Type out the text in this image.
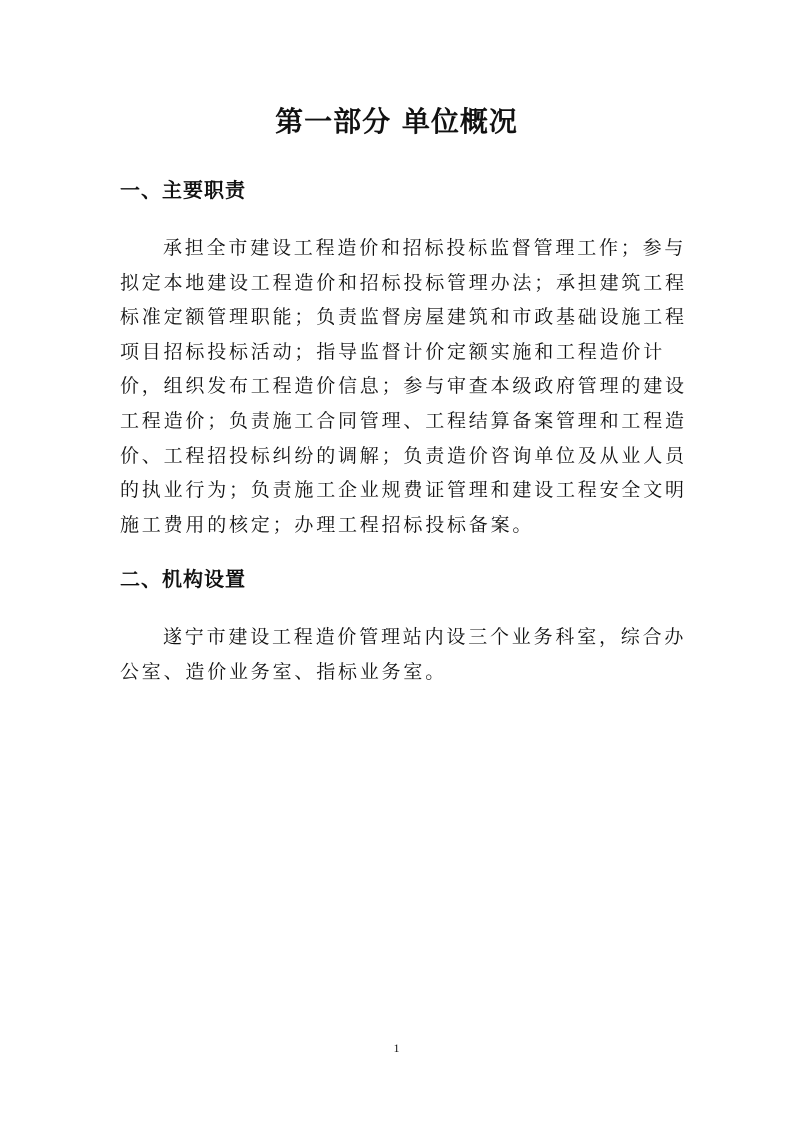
第一部分 单位概况
一、主要职责
承担全市建设工程造价和招标投标监督管理工作；参与
拟定本地建设工程造价和招标投标管理办法；承担建筑工程
标准定额管理职能；负责监督房屋建筑和市政基础设施工程
项目招标投标活动；指导监督计价定额实施和工程造价计
价，组织发布工程造价信息；参与审查本级政府管理的建设
工程造价；负责施工合同管理、工程结算备案管理和工程造
价、工程招投标纠纷的调解；负责造价咨询单位及从业人员
的执业行为；负责施工企业规费证管理和建设工程安全文明
施工费用的核定；办理工程招标投标备案。
二、机构设置
遂宁市建设工程造价管理站内设三个业务科室，综合办
公室、造价业务室、指标业务室。
1
